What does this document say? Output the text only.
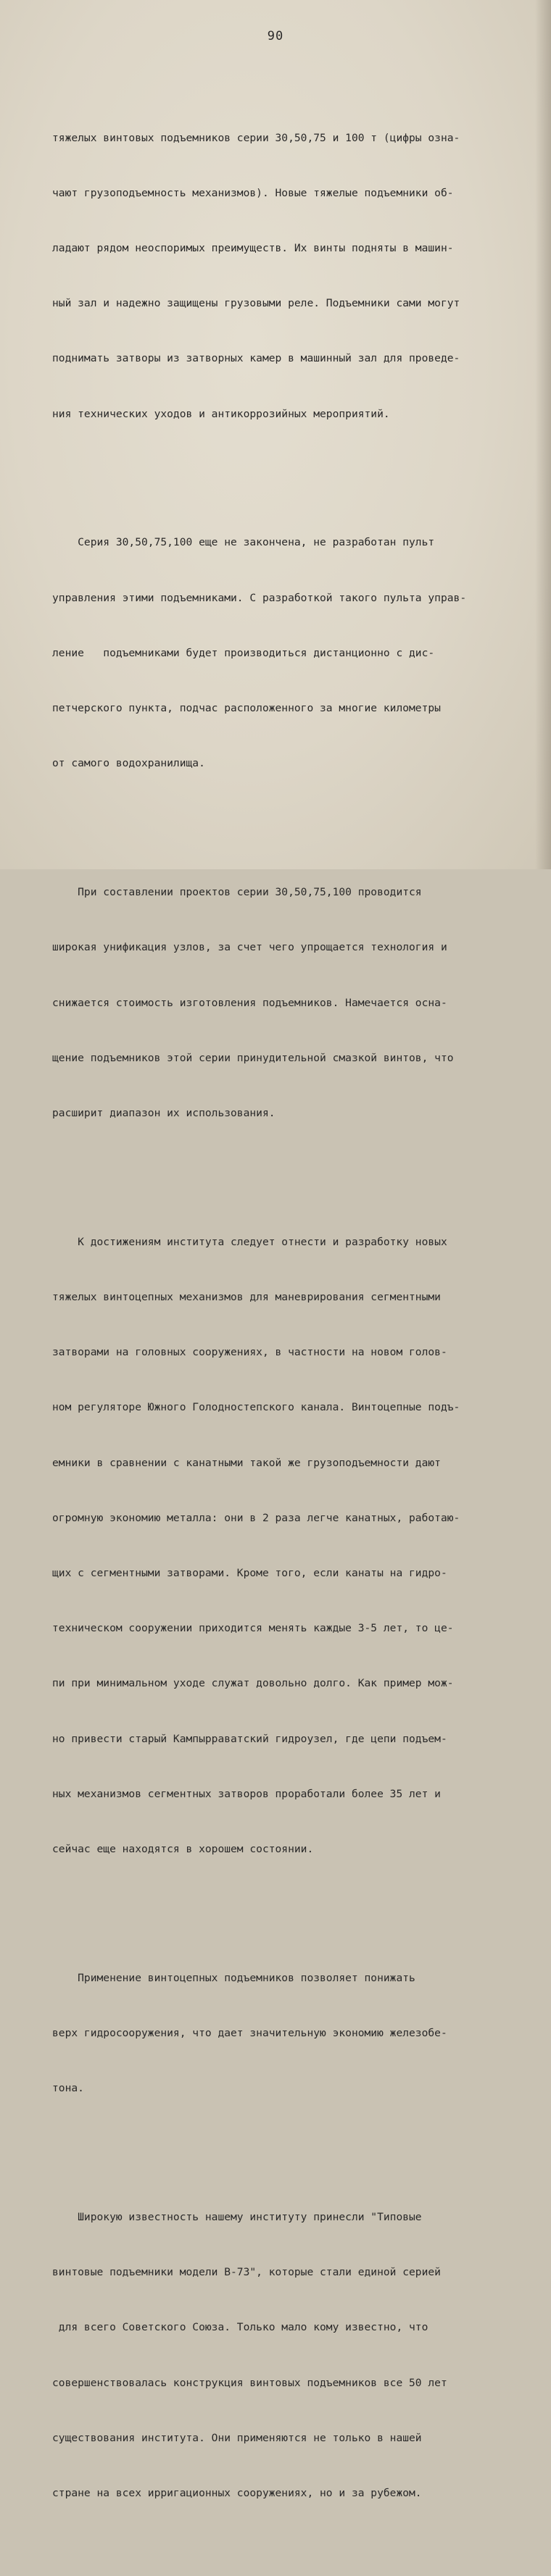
90

тяжелых винтовых подъемников серии 30,50,75 и 100 т (цифры озна-

чают грузоподъемность механизмов). Новые тяжелые подъемники об-

ладают рядом неоспоримых преимуществ. Их винты подняты в машин-

ный зал и надежно защищены грузовыми реле. Подъемники сами могут

поднимать затворы из затворных камер в машинный зал для проведе-

ния технических уходов и антикоррозийных мероприятий.

Серия 30,50,75,100 еще не закончена, не разработан пульт

управления этими подъемниками. С разработкой такого пульта управ-

ление   подъемниками будет производиться дистанционно с дис-

петчерского пункта, подчас расположенного за многие километры

от самого водохранилища.

При составлении проектов серии 30,50,75,100 проводится

широкая унификация узлов, за счет чего упрощается технология и

снижается стоимость изготовления подъемников. Намечается осна-

щение подъемников этой серии принудительной смазкой винтов, что

расширит диапазон их использования.

К достижениям института следует отнести и разработку новых

тяжелых винтоцепных механизмов для маневрирования сегментными

затворами на головных сооружениях, в частности на новом голов-

ном регуляторе Южного Голодностепского канала. Винтоцепные подъ-

емники в сравнении с канатными такой же грузоподъемности дают

огромную экономию металла: они в 2 раза легче канатных, работаю-

щих с сегментными затворами. Кроме того, если канаты на гидро-

техническом сооружении приходится менять каждые 3-5 лет, то це-

пи при минимальном уходе служат довольно долго. Как пример мож-

но привести старый Кампырраватский гидроузел, где цепи подъем-

ных механизмов сегментных затворов проработали более 35 лет и

сейчас еще находятся в хорошем состоянии.

Применение винтоцепных подъемников позволяет понижать

верх гидросооружения, что дает значительную экономию железобе-

тона.

Широкую известность нашему институту принесли "Типовые

винтовые подъемники модели В-73", которые стали единой серией

для всего Советского Союза. Только мало кому известно, что

совершенствовалась конструкция винтовых подъемников все 50 лет

существования института. Они применяются не только в нашей

стране на всех ирригационных сооружениях, но и за рубежом.
